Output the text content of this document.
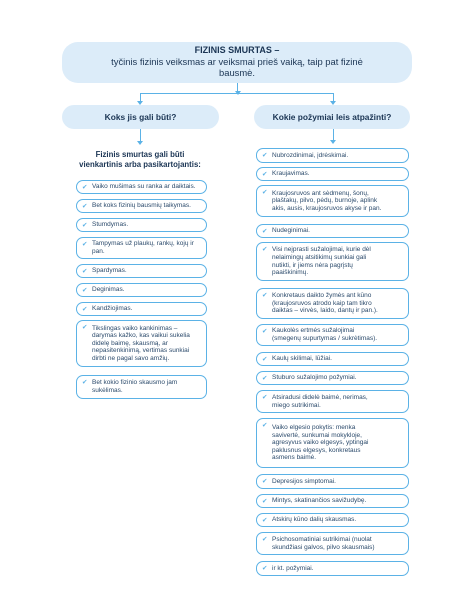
FIZINIS SMURTAS –
tyčinis fizinis veiksmas ar veiksmai prieš vaiką, taip pat fizinė
bausmė.
Koks jis gali būti?	Kokie požymiai leis atpažinti?
Fizinis smurtas gali būti
vienkartinis arba pasikartojantis:
✔ Vaiko mušimas su ranka ar daiktais.
✔ Bet koks fizinių bausmių taikymas.
✔ Stumdymas.
✔ Tampymas už plaukų, rankų, kojų ir
pan.
✔ Spardymas.
✔ Deginimas.
✔ Kandžiojimas.
✔ Tikslingas vaiko kankinimas –
darymas kažko, kas vaikui sukelia
didelę baimę, skausmą, ar
nepasitenkinimą, vertimas sunkiai
dirbti ne pagal savo amžių.
✔ Bet kokio fizinio skausmo jam
sukėlimas.
✔ Nubrozdinimai, įdrėskimai.
✔ Kraujavimas.
✔ Kraujosruvos ant sėdmenų, šonų,
plaštakų, pilvo, pėdų, burnoje, aplink
akis, ausis, kraujosruvos akyse ir pan.
✔ Nudeginimai.
✔ Visi neįprasti sužalojimai, kurie dėl
nelaimingų atsitikimų sunkiai gali
nutikti, ir jiems nėra pagrįstų
paaiškinimų.
✔ Konkretaus daikto žymės ant kūno
(kraujosruvos atrodo kaip tam tikro
daiktas – virvės, laido, dantų ir pan.).
✔ Kaukolės ertmės sužalojimai
(smegenų supurtymas / sukrėtimas).
✔ Kaulų skilimai, lūžiai.
✔ Stuburo sužalojimo požymiai.
✔ Atsiradusi didelė baimė, nerimas,
miego sutrikimai.
✔ Vaiko elgesio pokytis: menka
savivertė, sunkumai mokykloje,
agresyvus vaiko elgesys, yptingai
paklusnus elgesys, konkretaus
asmens baimė.
✔ Depresijos simptomai.
✔ Mintys, skatinančios savižudybę.
✔ Atskirų kūno dalių skausmas.
✔ Psichosomatiniai sutrikimai (nuolat
skundžiasi galvos, pilvo skausmais)
✔ ir kt. požymiai.
